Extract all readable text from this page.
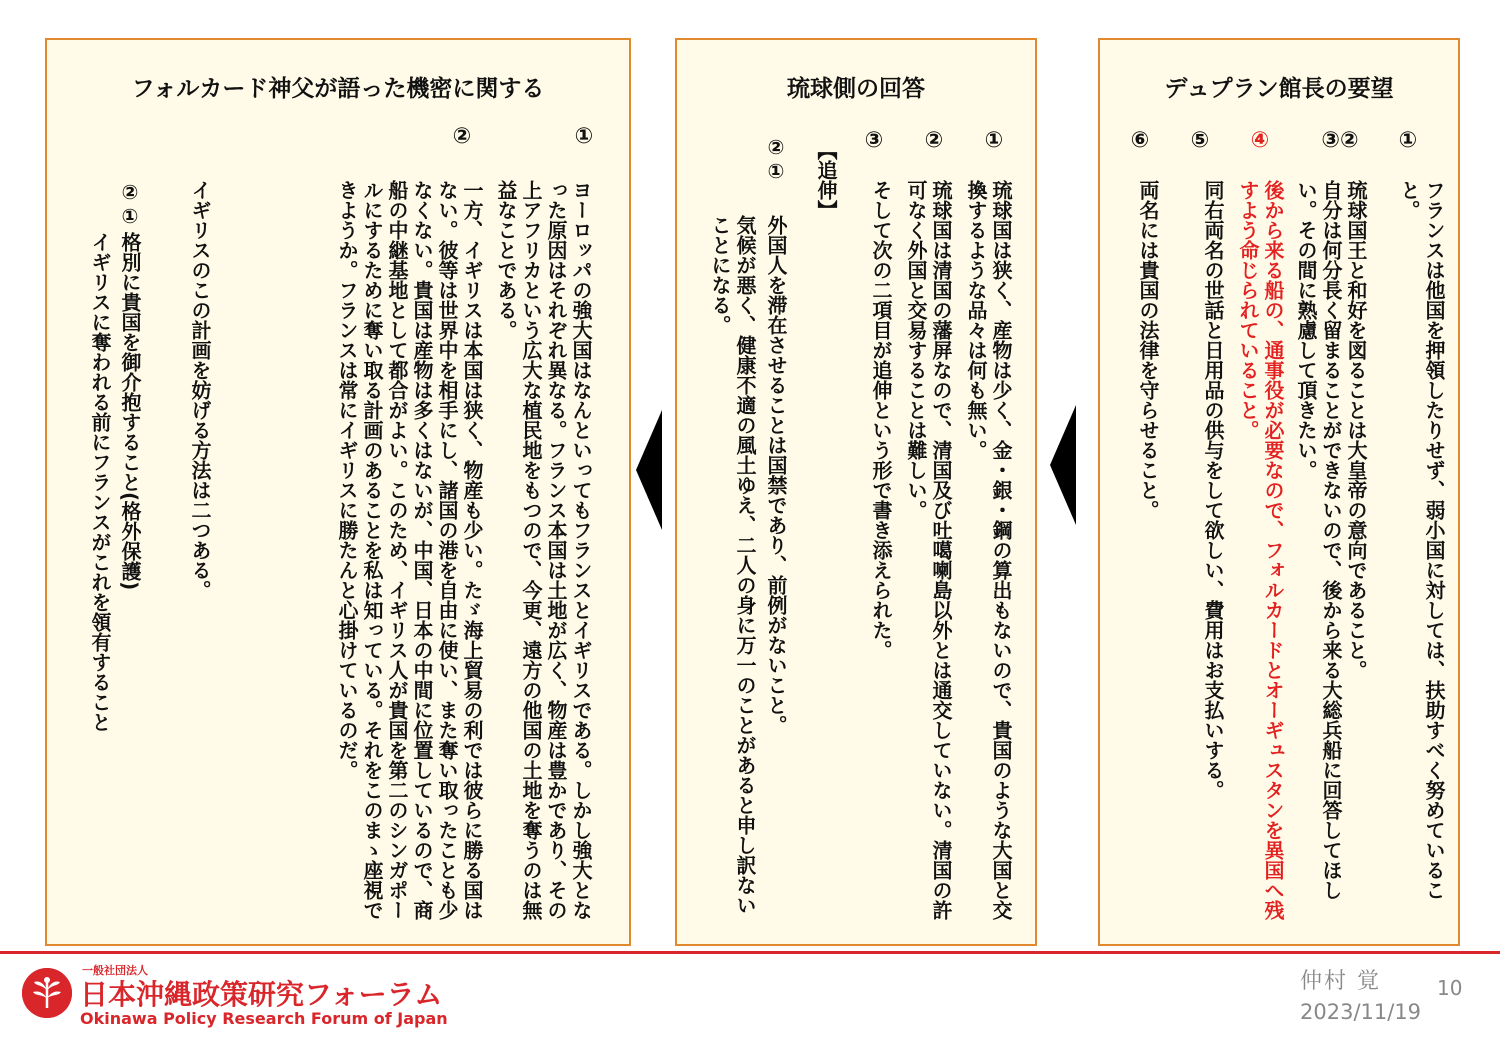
フォルカード神父が語った機密に関する
①
②
ヨーロッパの強大国はなんといってもフランスとイギリスである。しかし強大となった原因はそれぞれ異なる。フランス本国は土地が広く、物産は豊かであり、その上アフリカという広大な植民地をもつので、今更、遠方の他国の土地を奪うのは無益なことである。
一方、イギリスは本国は狭く、物産も少い。たゞ海上貿易の利では彼らに勝る国はない。彼等は世界中を相手にし、諸国の港を自由に使い、また奪い取ったことも少なくない。貴国は産物は多くはないが、中国、日本の中間に位置しているので、商船の中継基地として都合がよい。このため、イギリス人が貴国を第二のシンガポールにするために奪い取る計画のあることを私は知っている。それをこのまゝ座視できようか。フランスは常にイギリスに勝たんと心掛けているのだ。
イギリスのこの計画を妨げる方法は二つある。
②①
格別に貴国を御介抱すること(格外保護)
イギリスに奪われる前にフランスがこれを領有すること
琉球側の回答
①
②
③
琉球国は狭く、産物は少く、金・銀・鋼の算出もないので、貴国のような大国と交換するような品々は何も無い。
琉球国は清国の藩屏なので、清国及び吐噶喇島以外とは通交していない。清国の許可なく外国と交易することは難しい。
そして次の二項目が追伸という形で書き添えられた。
【追伸】
②①
外国人を滞在させることは国禁であり、前例がないこと。
気候が悪く、健康不適の風土ゆえ、二人の身に万一のことがあると申し訳ないことになる。
デュプラン館長の要望
①
③②
④
⑤
⑥
フランスは他国を押領したりせず、弱小国に対しては、扶助すべく努めていること。
琉球国王と和好を図ることは大皇帝の意向であること。
自分は何分長く留まることができないので、後から来る大総兵船に回答してほしい。その間に熟慮して頂きたい。
後から来る船の、通事役が必要なので、フォルカードとオーギュスタンを異国へ残すよう命じられていること。
同右両名の世話と日用品の供与をして欲しい、費用はお支払いする。
両名には貴国の法律を守らせること。
一般社団法人
日本沖縄政策研究フォーラム
Okinawa Policy Research Forum of Japan
仲村 覚	10
2023/11/19
